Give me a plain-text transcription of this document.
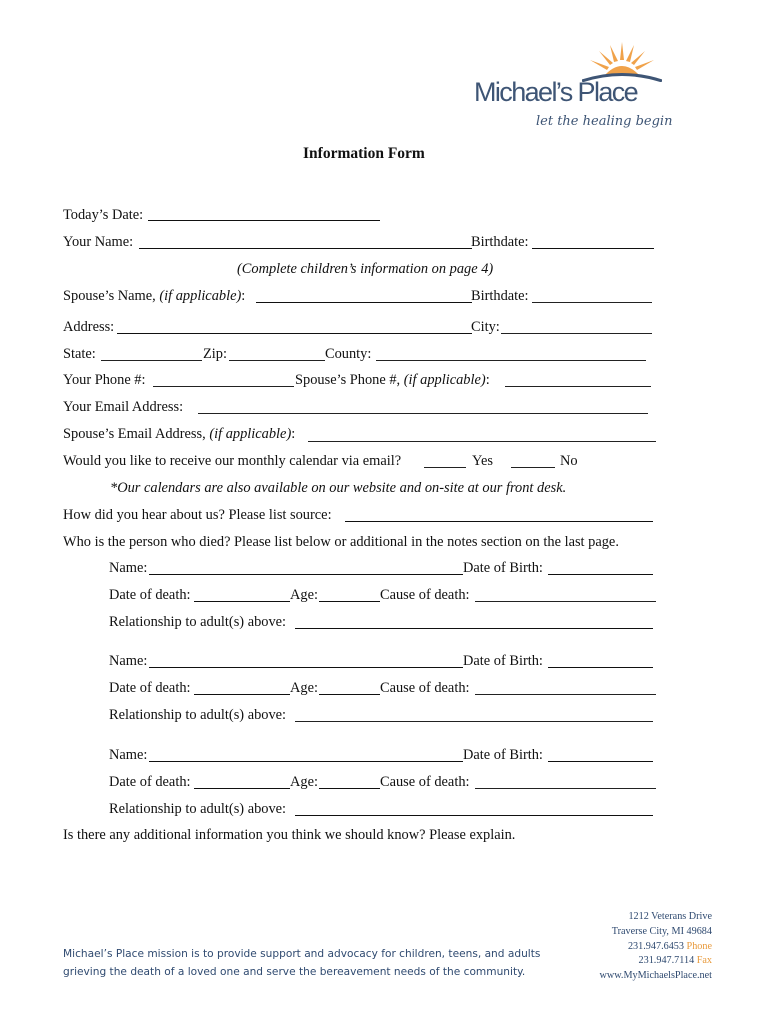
Michael’s Place
let the healing begin
Information Form
Today’s Date:
Your Name:	Birthdate:
(Complete children’s information on page 4)
Spouse’s Name, (if applicable):	Birthdate:
Address:	City:
State:	Zip:	County:
Your Phone #:	Spouse’s Phone #, (if applicable):
Your Email Address:
Spouse’s Email Address, (if applicable):
Would you like to receive our monthly calendar via email?	Yes	No
*Our calendars are also available on our website and on-site at our front desk.
How did you hear about us? Please list source:
Who is the person who died? Please list below or additional in the notes section on the last page.
Name:	Date of Birth:
Date of death:	Age:	Cause of death:
Relationship to adult(s) above:
Name:	Date of Birth:
Date of death:	Age:	Cause of death:
Relationship to adult(s) above:
Name:	Date of Birth:
Date of death:	Age:	Cause of death:
Relationship to adult(s) above:
Is there any additional information you think we should know? Please explain.
Michael’s Place mission is to provide support and advocacy for children, teens, and adults
grieving the death of a loved one and serve the bereavement needs of the community.
1212 Veterans Drive
Traverse City, MI 49684
231.947.6453 Phone
231.947.7114 Fax
www.MyMichaelsPlace.net
